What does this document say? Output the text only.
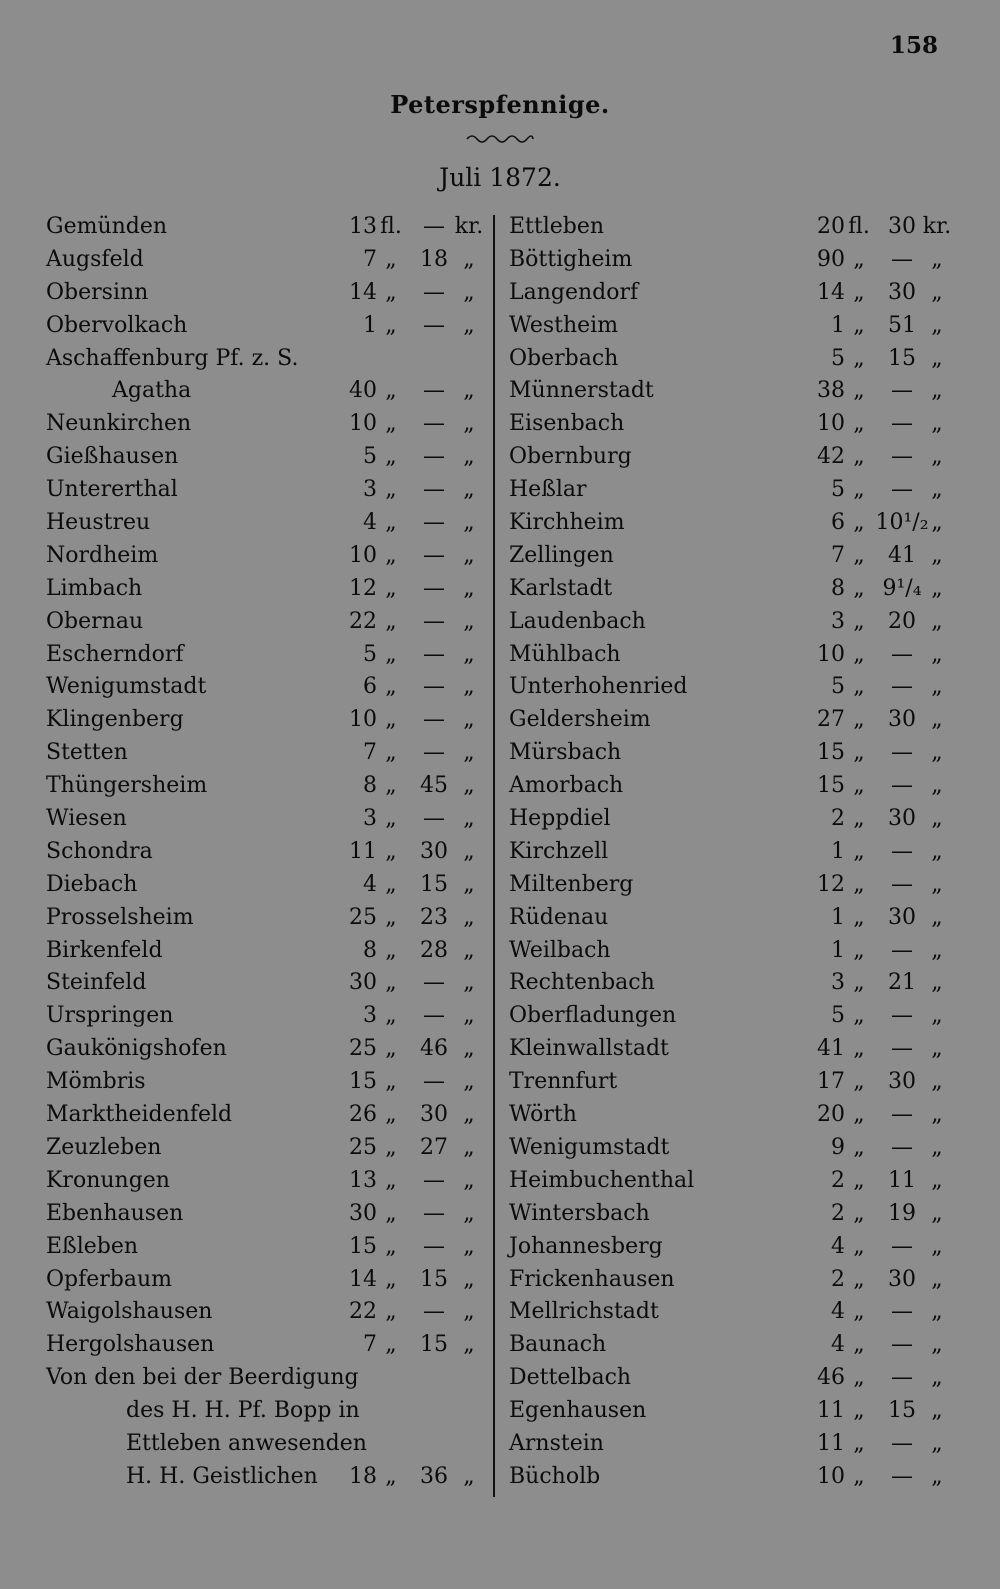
158
Peterspfennige.
Juli 1872.
Gemünden	13 fl. — kr.
Augsfeld	7 „	18 „
Obersinn	14 „	— „
Obervolkach	1 „	— „
Aschaffenburg Pf. z. S.
Agatha	40 „	— „
Neunkirchen	10 „	— „
Gießhausen	5 „	— „
Untererthal	3 „	— „
Heustreu	4 „	— „
Nordheim	10 „	— „
Limbach	12 „	— „
Obernau	22 „	— „
Escherndorf	5 „	— „
Wenigumstadt	6 „	— „
Klingenberg	10 „	— „
Stetten	7 „	— „
Thüngersheim	8 „	45 „
Wiesen	3 „	— „
Schondra	11 „	30 „
Diebach	4 „	15 „
Prosselsheim	25 „	23 „
Birkenfeld	8 „	28 „
Steinfeld	30 „	— „
Urspringen	3 „	— „
Gaukönigshofen	25 „	46 „
Mömbris	15 „	— „
Marktheidenfeld	26 „	30 „
Zeuzleben	25 „	27 „
Kronungen	13 „	— „
Ebenhausen	30 „	— „
Eßleben	15 „	— „
Opferbaum	14 „	15 „
Waigolshausen	22 „	— „
Hergolshausen	7 „	15 „
Von den bei der Beerdigung
des H. H. Pf. Bopp in
Ettleben anwesenden
H. H. Geistlichen	18 „	36 „
Ettleben	20 fl. 30 kr.
Böttigheim	90 „	— „
Langendorf	14 „	30 „
Westheim	1 „	51 „
Oberbach	5 „	15 „
Münnerstadt	38 „	— „
Eisenbach	10 „	— „
Obernburg	42 „	— „
Heßlar	5 „	— „
Kirchheim	6 „ 10¹/₂ „
Zellingen	7 „	41 „
Karlstadt	8 „ 9¹/₄ „
Laudenbach	3 „	20 „
Mühlbach	10 „	— „
Unterhohenried	5 „	— „
Geldersheim	27 „	30 „
Mürsbach	15 „	— „
Amorbach	15 „	— „
Heppdiel	2 „	30 „
Kirchzell	1 „	— „
Miltenberg	12 „	— „
Rüdenau	1 „	30 „
Weilbach	1 „	— „
Rechtenbach	3 „	21 „
Oberfladungen	5 „	— „
Kleinwallstadt	41 „	— „
Trennfurt	17 „	30 „
Wörth	20 „	— „
Wenigumstadt	9 „	— „
Heimbuchenthal	2 „	11 „
Wintersbach	2 „	19 „
Johannesberg	4 „	— „
Frickenhausen	2 „	30 „
Mellrichstadt	4 „	— „
Baunach	4 „	— „
Dettelbach	46 „	— „
Egenhausen	11 „	15 „
Arnstein	11 „	— „
Bücholb	10 „	— „
